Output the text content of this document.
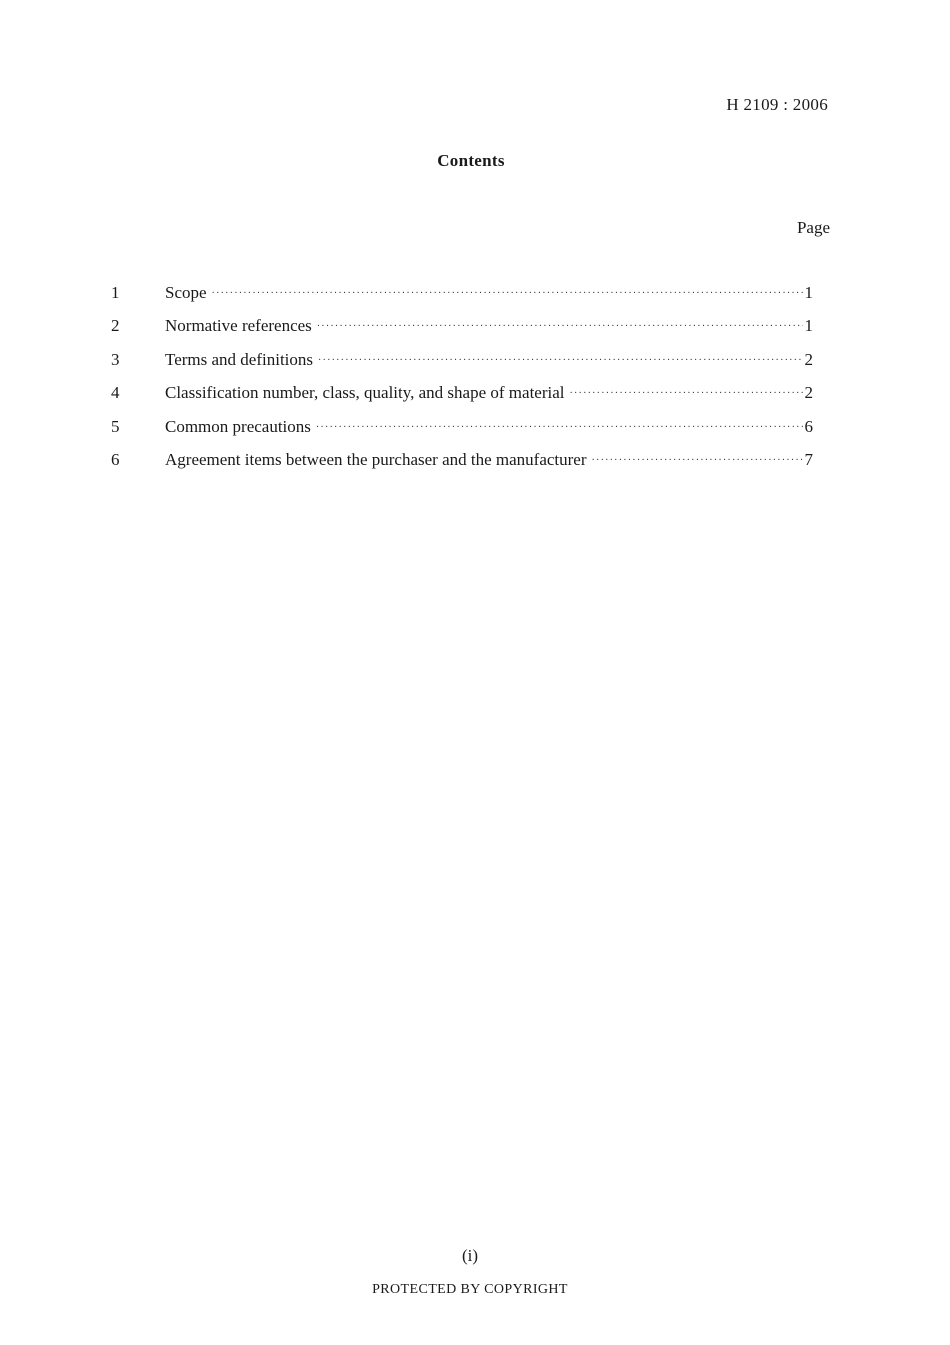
H 2109 : 2006
Contents
Page
1	Scope ·····	1
2	Normative references ·····	1
3	Terms and definitions ·····	2
4	Classification number, class, quality, and shape of material ·····	2
5	Common precautions ·····	6
6	Agreement items between the purchaser and the manufacturer ·····	7
(i)
PROTECTED BY COPYRIGHT
